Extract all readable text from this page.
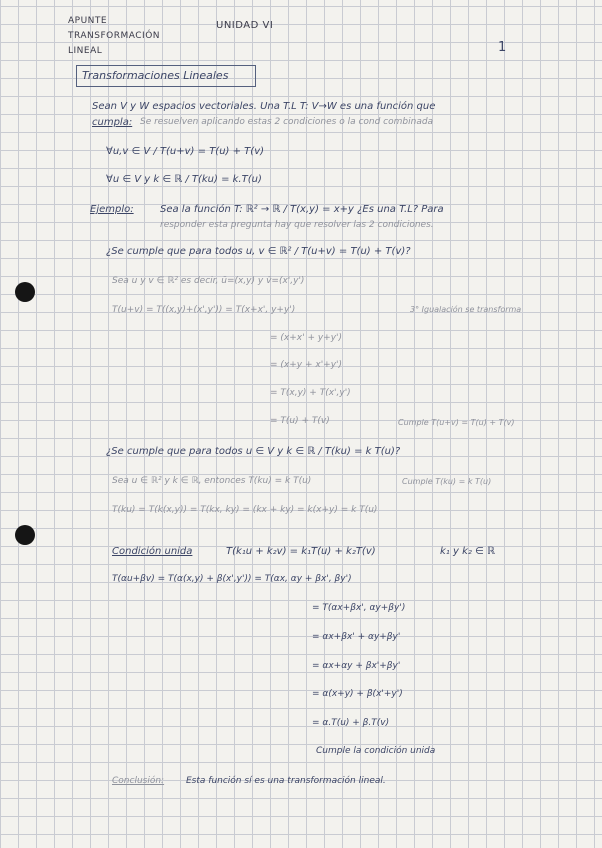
APUNTE
TRANSFORMACIÓN
LINEAL
UNIDAD VI
1
Transformaciones Lineales
Sean V y W espacios vectoriales. Una T.L T: V→W es una función que
cumpla: Se resuelven aplicando estas 2 condiciones o la cond combinada
∀u,v ∈ V / T(u+v) = T(u) + T(v)
∀u ∈ V y k ∈ ℝ / T(ku) = k.T(u)
Ejemplo:	Sea la función T: ℝ² → ℝ / T(x,y) = x+y ¿Es una T.L? Para
responder esta pregunta hay que resolver las 2 condiciones.
¿Se cumple que para todos u, v ∈ ℝ² / T(u+v) = T(u) + T(v)?
Sea u y v ∈ ℝ² es decir, ū=(x,y) y v̄=(x',y')
T(u+v) = T((x,y)+(x',y')) = T(x+x', y+y')	3° Igualación se transforma
= (x+x' + y+y')
= (x+y + x'+y')
= T(x,y) + T(x',y')
= T(u) + T(v)	Cumple T(u+v) = T(u) + T(v)
¿Se cumple que para todos u ∈ V y k ∈ ℝ / T(ku) = k T(u)?
Sea u ∈ ℝ² y k ∈ ℝ, entonces T(ku) = k T(u)	Cumple T(ku) = k T(u)
T(ku) = T(k(x,y)) = T(kx, ky) = (kx + ky) = k(x+y) = k T(u)
Condición unida	T(k₁u + k₂v) = k₁T(u) + k₂T(v)	k₁ y k₂ ∈ ℝ
T(αu+βv) = T(α(x,y) + β(x',y')) = T(αx, αy + βx', βy')
= T(αx+βx', αy+βy')
= αx+βx' + αy+βy'
= αx+αy + βx'+βy'
= α(x+y) + β(x'+y')
= α.T(u) + β.T(v)
Cumple la condición unida
Conclusión: Esta función sí es una transformación lineal.
